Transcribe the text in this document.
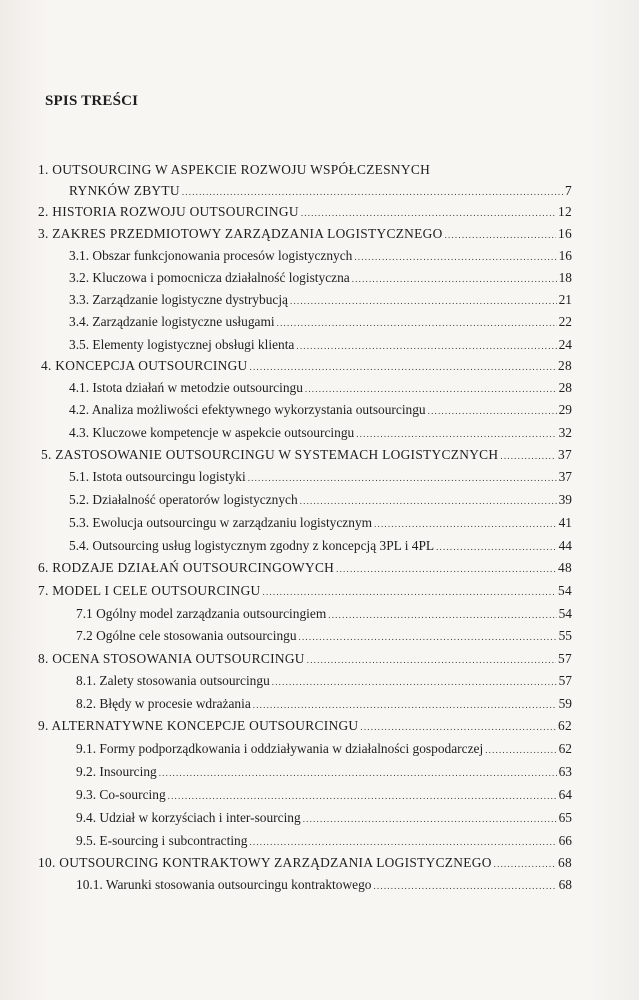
SPIS TREŚCI
1. OUTSOURCING W ASPEKCIE ROZWOJU WSPÓŁCZESNYCH
RYNKÓW ZBYTU .....	7
2. HISTORIA ROZWOJU OUTSOURCINGU .....	12
3. ZAKRES PRZEDMIOTOWY ZARZĄDZANIA LOGISTYCZNEGO .....	16
3.1. Obszar funkcjonowania procesów logistycznych .....	16
3.2. Kluczowa i pomocnicza działalność logistyczna .....	18
3.3. Zarządzanie logistyczne dystrybucją .....	21
3.4. Zarządzanie logistyczne usługami .....	22
3.5. Elementy logistycznej obsługi klienta .....	24
4. KONCEPCJA OUTSOURCINGU .....	28
4.1. Istota działań w metodzie outsourcingu .....	28
4.2. Analiza możliwości efektywnego wykorzystania outsourcingu .....	29
4.3. Kluczowe kompetencje w aspekcie outsourcingu .....	32
5. ZASTOSOWANIE OUTSOURCINGU W SYSTEMACH LOGISTYCZNYCH .....	37
5.1. Istota outsourcingu logistyki .....	37
5.2. Działalność operatorów logistycznych .....	39
5.3. Ewolucja outsourcingu w zarządzaniu logistycznym .....	41
5.4. Outsourcing usług logistycznym zgodny z koncepcją 3PL i 4PL .....	44
6. RODZAJE DZIAŁAŃ OUTSOURCINGOWYCH .....	48
7. MODEL I CELE OUTSOURCINGU .....	54
7.1 Ogólny model zarządzania outsourcingiem .....	54
7.2 Ogólne cele stosowania outsourcingu .....	55
8. OCENA STOSOWANIA OUTSOURCINGU .....	57
8.1. Zalety stosowania outsourcingu .....	57
8.2. Błędy w procesie wdrażania .....	59
9. ALTERNATYWNE KONCEPCJE OUTSOURCINGU .....	62
9.1. Formy podporządkowania i oddziaływania w działalności gospodarczej .....	62
9.2. Insourcing .....	63
9.3. Co-sourcing .....	64
9.4. Udział w korzyściach i inter-sourcing .....	65
9.5. E-sourcing i subcontracting .....	66
10. OUTSOURCING KONTRAKTOWY ZARZĄDZANIA LOGISTYCZNEGO .....	68
10.1. Warunki stosowania outsourcingu kontraktowego .....	68
